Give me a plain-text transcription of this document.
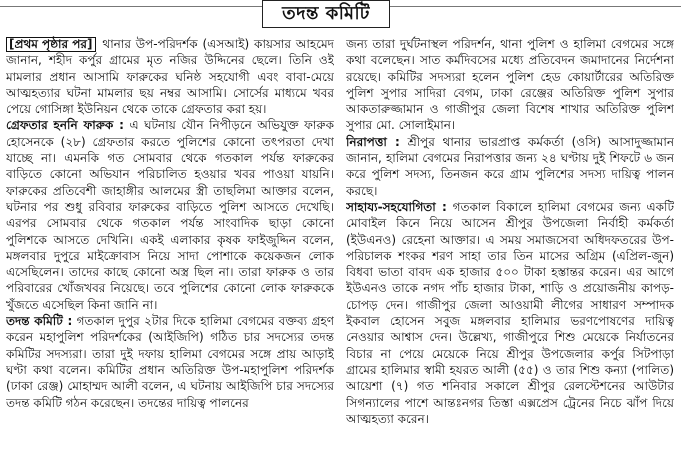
তদন্ত কমিটি

[প্রথম পৃষ্ঠার পর] থানার উপ-পরিদর্শক (এসআই) কায়সার আহমেদ জানান, শহীদ কর্পুর গ্রামের মৃত নজির উদ্দিনের ছেলে। তিনি ওই মামলার প্রধান আসামি ফারুকের ঘনিষ্ঠ সহযোগী এবং বাবা-মেয়ে আত্মহত্যার ঘটনা মামলার ছয় নম্বর আসামি। সোর্সের মাধ্যমে খবর পেয়ে গোসিঙ্গা ইউনিয়ন থেকে তাকে গ্রেফতার করা হয়।

গ্রেফতার হননি ফারুক : এ ঘটনায় যৌন নিপীড়নে অভিযুক্ত ফারুক হোসেনকে (২৮) গ্রেফতার করতে পুলিশের কোনো তৎপরতা দেখা যাচ্ছে না। এমনকি গত সোমবার থেকে গতকাল পর্যন্ত ফারুকের বাড়িতে কোনো অভিযান পরিচালিত হওয়ার খবর পাওয়া যায়নি। ফারুকের প্রতিবেশী জাহাঙ্গীর আলমের স্ত্রী তাছলিমা আক্তার বলেন, ঘটনার পর শুধু রবিবার ফারুকের বাড়িতে পুলিশ আসতে দেখেছি। এরপর সোমবার থেকে গতকাল পর্যন্ত সাংবাদিক ছাড়া কোনো পুলিশকে আসতে দেখিনি। একই এলাকার কৃষক ফাইজুদ্দিন বলেন, মঙ্গলবার দুপুরে মাইক্রোবাস নিয়ে সাদা পোশাকে কয়েকজন লোক এসেছিলেন। তাদের কাছে কোনো অস্ত্র ছিল না। তারা ফারুক ও তার পরিবারের খোঁজখবর নিয়েছে। তবে পুলিশের কোনো লোক ফারুককে খুঁজতে এসেছিল কিনা জানি না।

তদন্ত কমিটি : গতকাল দুপুর ২টার দিকে হালিমা বেগমের বক্তব্য গ্রহণ করেন মহাপুলিশ পরিদর্শকের (আইজিপি) গঠিত চার সদস্যের তদন্ত কমিটির সদস্যরা। তারা দুই দফায় হালিমা বেগমের সঙ্গে প্রায় আড়াই ঘণ্টা কথা বলেন। কমিটির প্রধান অতিরিক্ত উপ-মহাপুলিশ পরিদর্শক (ঢাকা রেঞ্জ) মোহাম্মদ আলী বলেন, এ ঘটনায় আইজিপি চার সদস্যের তদন্ত কমিটি গঠন করেছেন। তদন্তের দায়িত্ব পালনের

জন্য তারা দুর্ঘটনাস্থল পরিদর্শন, থানা পুলিশ ও হালিমা বেগমের সঙ্গে কথা বলেছেন। সাত কর্মদিবসের মধ্যে প্রতিবেদন জমাদানের নির্দেশনা রয়েছে। কমিটির সদস্যরা হলেন পুলিশ হেড কোয়ার্টারের অতিরিক্ত পুলিশ সুপার সাদিরা বেগম, ঢাকা রেঞ্জের অতিরিক্ত পুলিশ সুপার আকতারুজ্জামান ও গাজীপুর জেলা বিশেষ শাখার অতিরিক্ত পুলিশ সুপার মো. সোলাইমান।

নিরাপত্তা : শ্রীপুর থানার ভারপ্রাপ্ত কর্মকর্তা (ওসি) আসাদুজ্জামান জানান, হালিমা বেগমের নিরাপত্তার জন্য ২৪ ঘণ্টায় দুই শিফটে ৬ জন করে পুলিশ সদস্য, তিনজন করে গ্রাম পুলিশের সদস্য দায়িত্ব পালন করছে।

সাহায্য-সহযোগিতা : গতকাল বিকালে হালিমা বেগমের জন্য একটি মোবাইল কিনে নিয়ে আসেন শ্রীপুর উপজেলা নির্বাহী কর্মকর্তা (ইউএনও) রেহেনা আক্তার। এ সময় সমাজসেবা অধিদফতরের উপ-পরিচালক শংকর শরণ সাহা তার তিন মাসের অগ্রিম (এপ্রিল-জুন) বিধবা ভাতা বাবদ এক হাজার ৫০০ টাকা হস্তান্তর করেন। এর আগে ইউএনও তাকে নগদ পাঁচ হাজার টাকা, শাড়ি ও প্রয়োজনীয় কাপড়-চোপড় দেন। গাজীপুর জেলা আওয়ামী লীগের সাধারণ সম্পাদক ইকবাল হোসেন সবুজ মঙ্গলবার হালিমার ভরণপোষণের দায়িত্ব নেওয়ার আশ্বাস দেন। উল্লেখ্য, গাজীপুরে শিশু মেয়েকে নির্যাতনের বিচার না পেয়ে মেয়েকে নিয়ে শ্রীপুর উপজেলার কর্পুর সিটপাড়া গ্রামের হালিমার স্বামী হযরত আলী (৫৫) ও তার শিশু কন্যা (পালিত) আয়েশা (৭) গত শনিবার সকালে শ্রীপুর রেলস্টেশনের আউটার সিগন্যালের পাশে আন্তঃনগর তিস্তা এক্সপ্রেস ট্রেনের নিচে ঝাঁপ দিয়ে আত্মহত্যা করেন।
